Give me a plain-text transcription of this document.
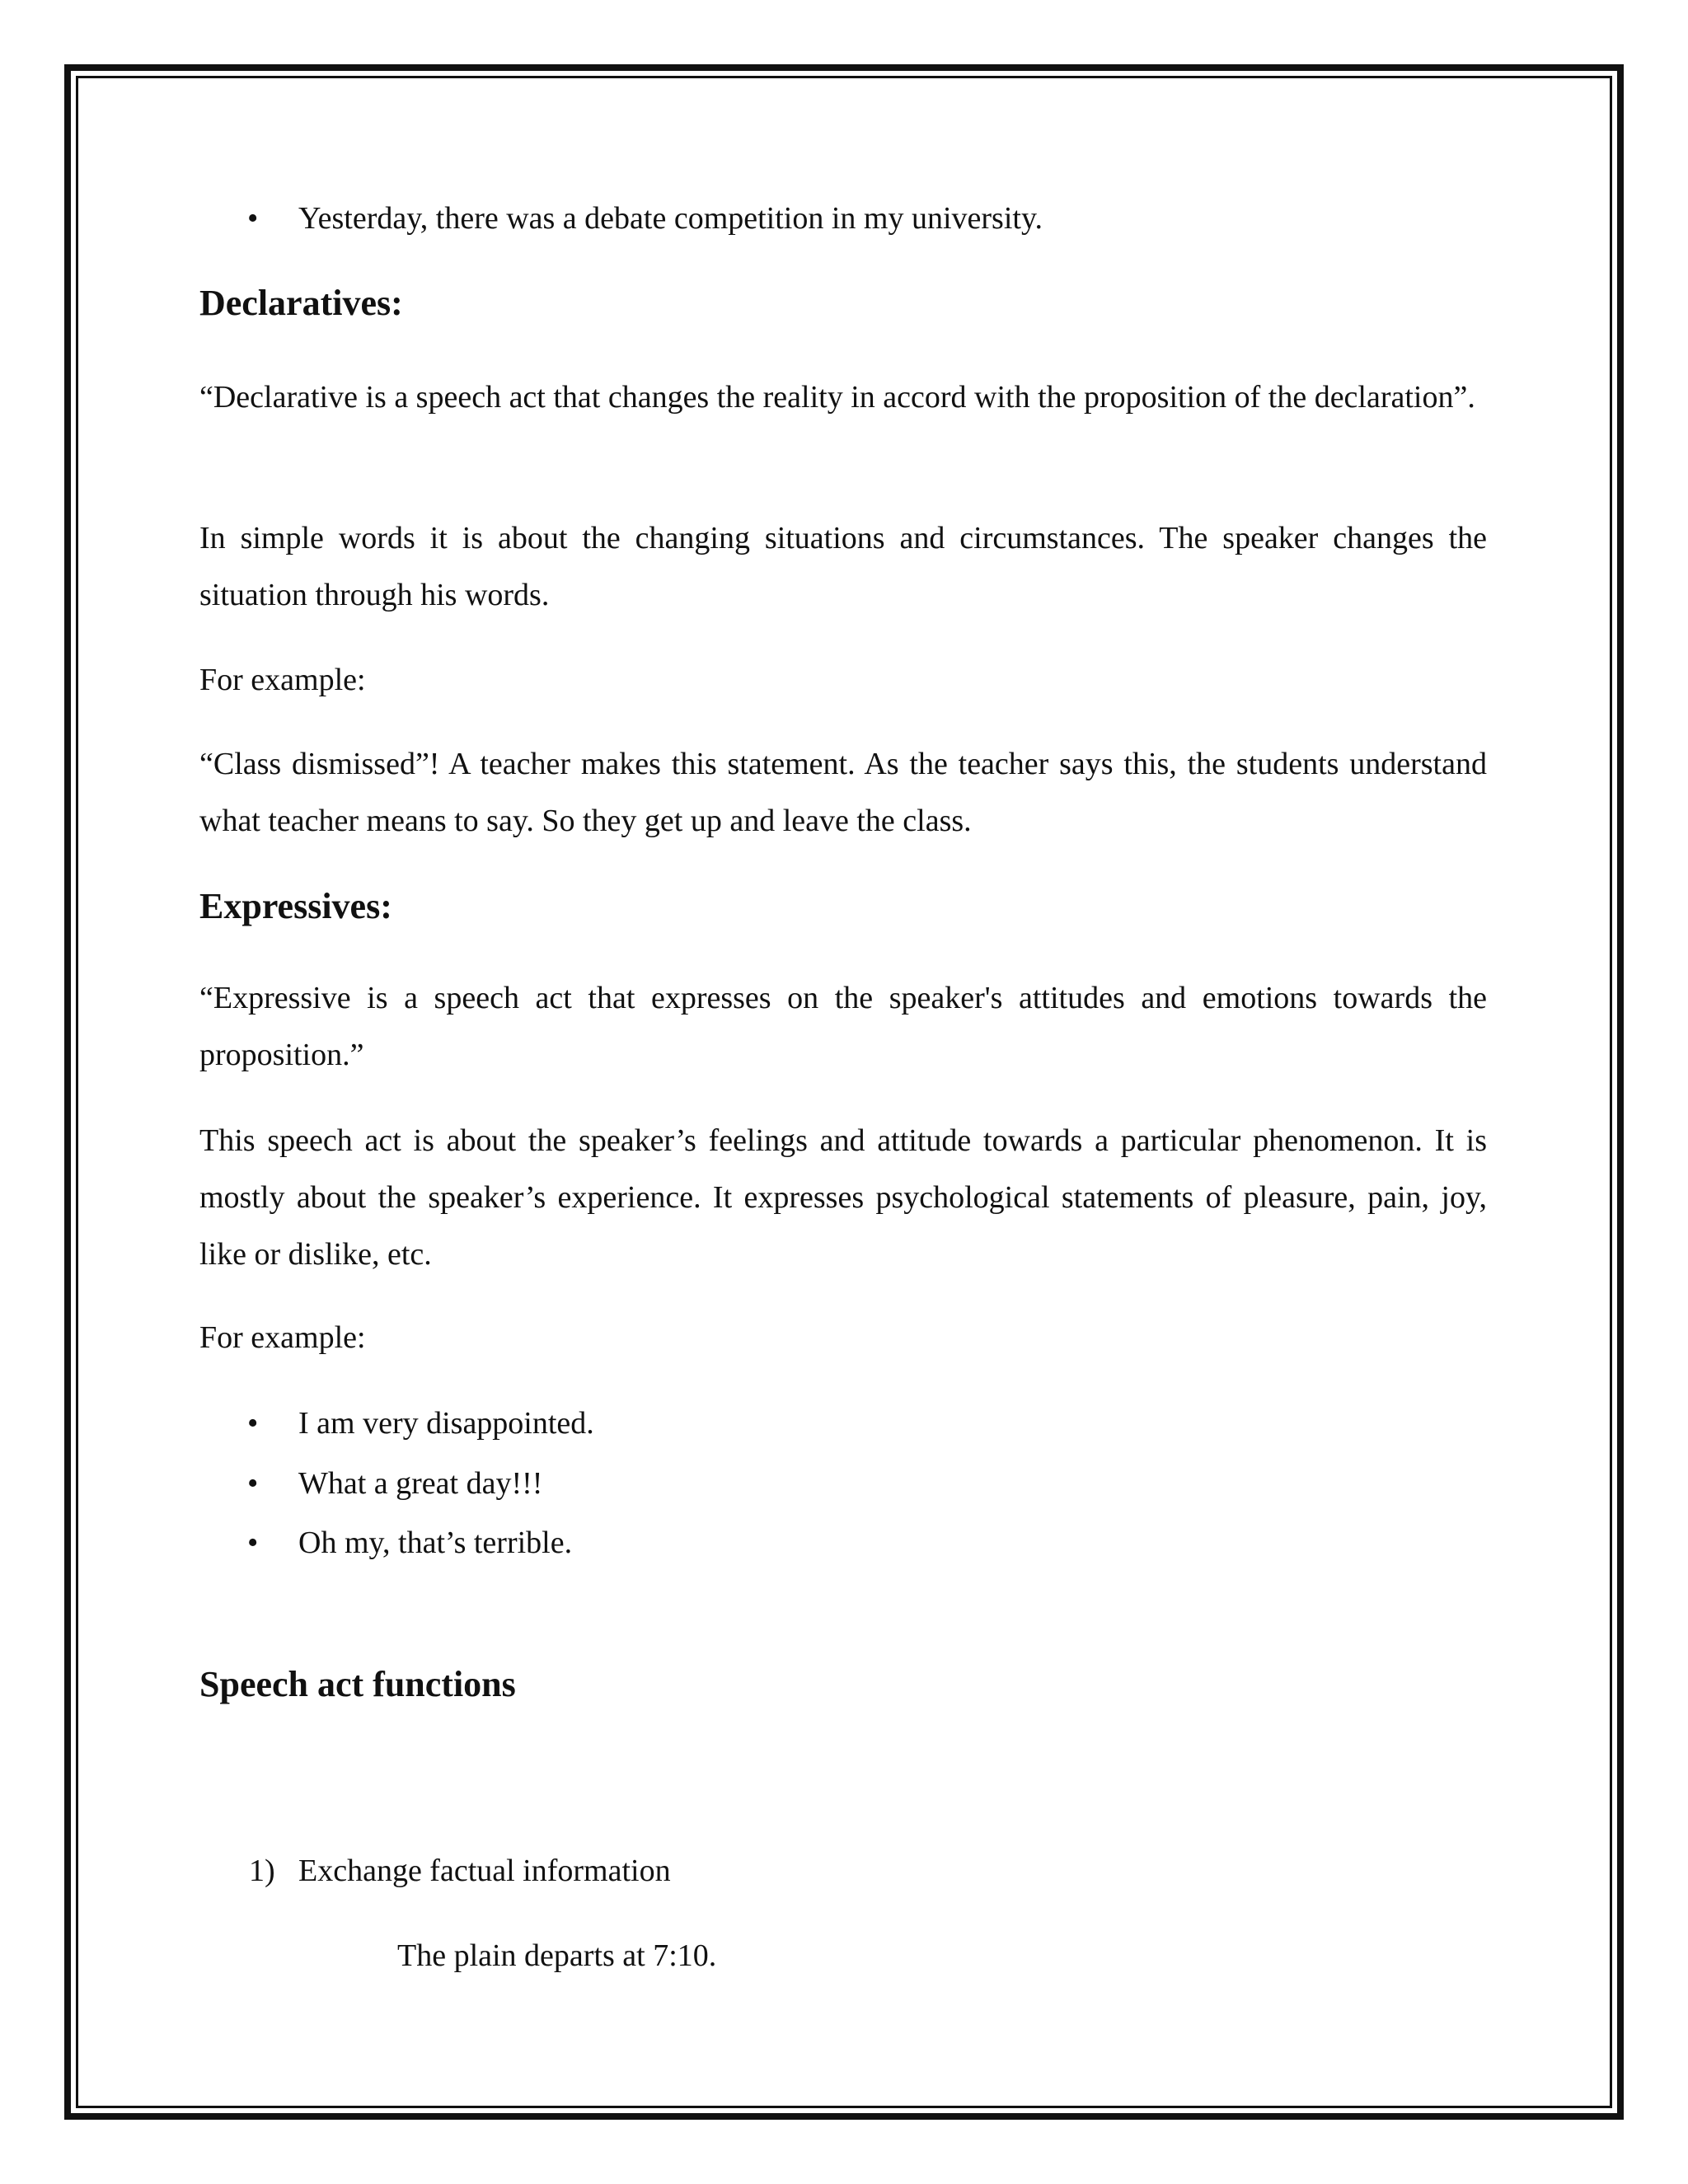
• Yesterday, there was a debate competition in my university.
Declaratives:
“Declarative is a speech act that changes the reality in accord with the proposition of the declaration”.
In simple words it is about the changing situations and circumstances. The speaker changes the situation through his words.
For example:
“Class dismissed”! A teacher makes this statement. As the teacher says this, the students understand what teacher means to say. So they get up and leave the class.
Expressives:
“Expressive is a speech act that expresses on the speaker's attitudes and emotions towards the proposition.”
This speech act is about the speaker’s feelings and attitude towards a particular phenomenon. It is mostly about the speaker’s experience. It expresses psychological statements of pleasure, pain, joy, like or dislike, etc.
For example:
• I am very disappointed.
• What a great day!!!
• Oh my, that’s terrible.
Speech act functions
1) Exchange factual information
The plain departs at 7:10.
